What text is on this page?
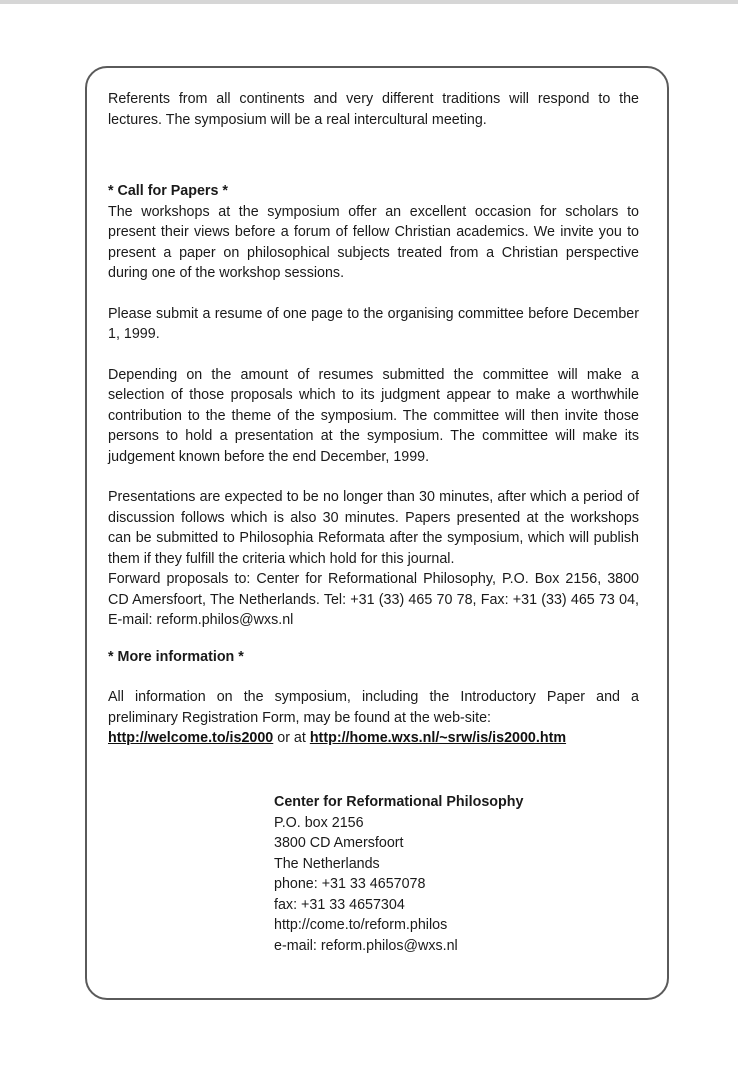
Referents from all continents and very different traditions will respond to the lectures. The symposium will be a real intercultural meeting.

* Call for Papers *

The workshops at the symposium offer an excellent occasion for scholars to present their views before a forum of fellow Christian academics. We invite you to present a paper on philosophical subjects treated from a Christian perspective during one of the workshop sessions.

Please submit a resume of one page to the organising committee before December 1, 1999.

Depending on the amount of resumes submitted the committee will make a selection of those proposals which to its judgment appear to make a worthwhile contribution to the theme of the symposium. The committee will then invite those persons to hold a presentation at the symposium. The committee will make its judgement known before the end December, 1999.

Presentations are expected to be no longer than 30 minutes, after which a period of discussion follows which is also 30 minutes. Papers presented at the workshops can be submitted to Philosophia Reformata after the symposium, which will publish them if they fulfill the criteria which hold for this journal.

Forward proposals to: Center for Reformational Philosophy, P.O. Box 2156, 3800 CD Amersfoort, The Netherlands. Tel: +31 (33) 465 70 78, Fax: +31 (33) 465 73 04, E-mail: reform.philos@wxs.nl

* More information *

All information on the symposium, including the Introductory Paper and a preliminary Registration Form, may be found at the web-site:
http://welcome.to/is2000 or at http://home.wxs.nl/~srw/is/is2000.htm

Center for Reformational Philosophy
P.O. box 2156
3800 CD Amersfoort
The Netherlands
phone: +31 33 4657078
fax: +31 33 4657304
http://come.to/reform.philos
e-mail: reform.philos@wxs.nl
